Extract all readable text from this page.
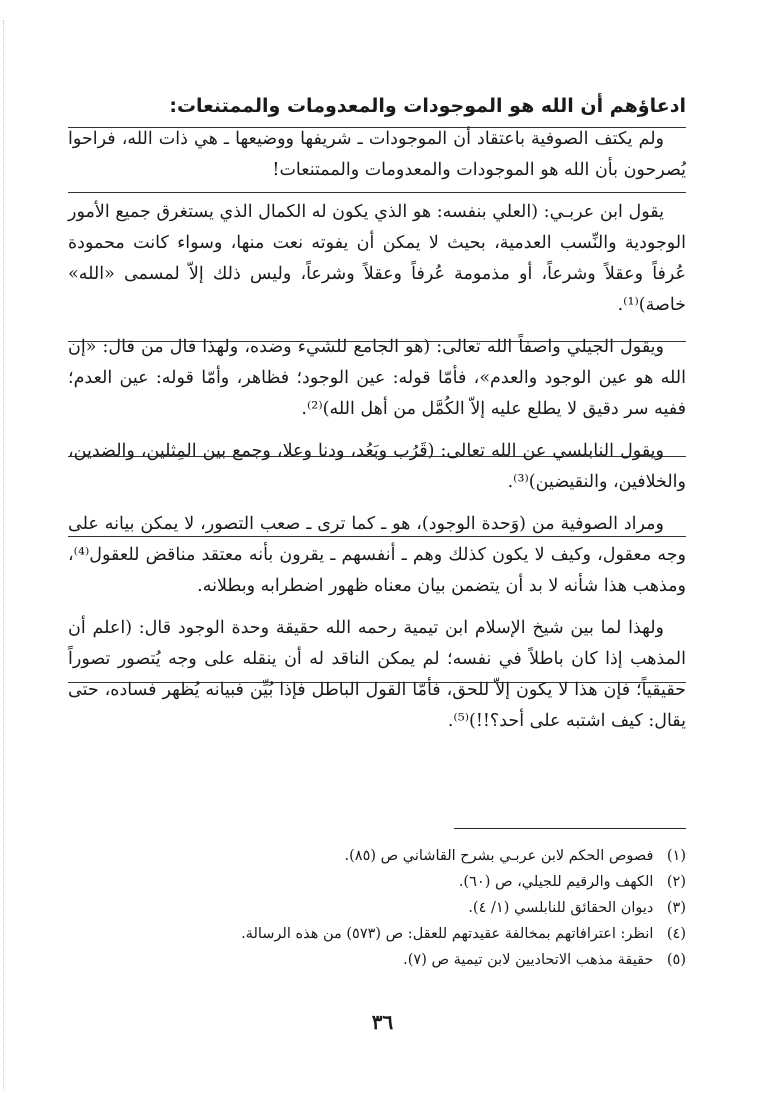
ادعاؤهم أن الله هو الموجودات والمعدومات والممتنعات:

ولم يكتف الصوفية باعتقاد أن الموجودات ـ شريفها ووضيعها ـ هي ذات الله، فراحوا يُصرحون بأن الله هو الموجودات والمعدومات والممتنعات!

يقول ابن عربـي: (العلي بنفسه: هو الذي يكون له الكمال الذي يستغرق جميع الأمور الوجودية والنِّسب العدمية، بحيث لا يمكن أن يفوته نعت منها، وسواء كانت محمودة عُرفاً وعقلاً وشرعاً، أو مذمومة عُرفاً وعقلاً وشرعاً، وليس ذلك إلاّ لمسمى «الله» خاصة)⁽¹⁾.

ويقول الجيلي واصفاً الله تعالى: (هو الجامع للشيء وضده، ولهذا قال من قال: «إن الله هو عين الوجود والعدم»، فأمّا قوله: عين الوجود؛ فظاهر، وأمّا قوله: عين العدم؛ ففيه سر دقيق لا يطلع عليه إلاّ الكُمَّل من أهل الله)⁽²⁾.

ويقول النابلسي عن الله تعالى: (قَرُب وبَعُد، ودنا وعلا، وجمع بين المِثلين، والضدين، والخلافين، والنقيضين)⁽³⁾.

ومراد الصوفية من (وَحدة الوجود)، هو ـ كما ترى ـ صعب التصور، لا يمكن بيانه على وجه معقول، وكيف لا يكون كذلك وهم ـ أنفسهم ـ يقرون بأنه معتقد مناقض للعقول⁽⁴⁾، ومذهب هذا شأنه لا بد أن يتضمن بيان معناه ظهور اضطرابه وبطلانه.

ولهذا لما بين شيخ الإسلام ابن تيمية رحمه الله حقيقة وحدة الوجود قال: (اعلم أن المذهب إذا كان باطلاً في نفسه؛ لم يمكن الناقد له أن ينقله على وجه يُتصور تصوراً حقيقياً؛ فإن هذا لا يكون إلاّ للحق، فأمّا القول الباطل فإذا بُيِّن فبيانه يُظهر فساده، حتى يقال: كيف اشتبه على أحد؟!!)⁽⁵⁾.

(١) فصوص الحكم لابن عربـي بشرح القاشاني ص (٨٥).
(٢) الكهف والرقيم للجيلي، ص (٦٠).
(٣) ديوان الحقائق للنابلسي (١/ ٤).
(٤) انظر: اعترافاتهم بمخالفة عقيدتهم للعقل: ص (٥٧٣) من هذه الرسالة.
(٥) حقيقة مذهب الاتحاديين لابن تيمية ص (٧).
٣٦
